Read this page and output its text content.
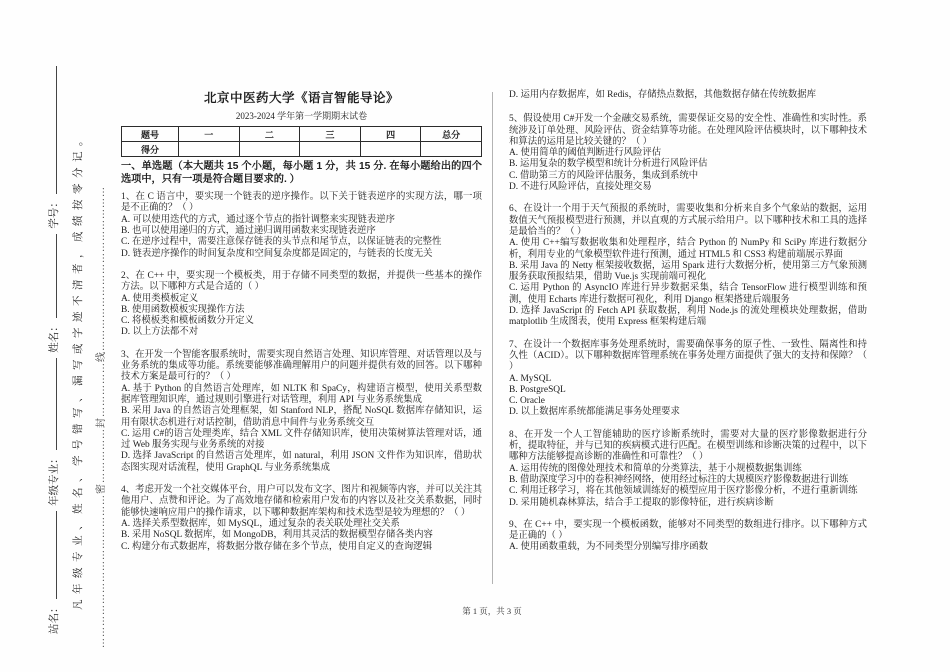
站名： 年级专业： 姓名： 学号： 凡年级专业、姓名、学号错写、漏写或字迹不清者，成绩按零分记。	……………………………………密……………封……………线………………………………………

北京中医药大学《语言智能导论》

2023-2024 学年第一学期期末试卷

题号	一	二	三	四	总分
得分					

一、单选题（本大题共 15 个小题，每小题 1 分，共 15 分. 在每小题给出的四个选项中，只有一项是符合题目要求的. ）

1、在 C 语言中，要实现一个链表的逆序操作。以下关于链表逆序的实现方法，哪一项是不正确的？（ ）

A. 可以使用迭代的方式，通过逐个节点的指针调整来实现链表逆序

B. 也可以使用递归的方式，通过递归调用函数来实现链表逆序

C. 在逆序过程中，需要注意保存链表的头节点和尾节点，以保证链表的完整性

D. 链表逆序操作的时间复杂度和空间复杂度都是固定的，与链表的长度无关

2、在 C++ 中，要实现一个模板类，用于存储不同类型的数据，并提供一些基本的操作方法。以下哪种方式是合适的（ ）

A. 使用类模板定义

B. 使用函数模板实现操作方法

C. 将模板类和模板函数分开定义

D. 以上方法都不对

3、在开发一个智能客服系统时，需要实现自然语言处理、知识库管理、对话管理以及与业务系统的集成等功能。系统要能够准确理解用户的问题并提供有效的回答。以下哪种技术方案是最可行的？（ ）

A. 基于 Python 的自然语言处理库，如 NLTK 和 SpaCy，构建语言模型，使用关系型数据库管理知识库，通过规则引擎进行对话管理，利用 API 与业务系统集成

B. 采用 Java 的自然语言处理框架，如 Stanford NLP，搭配 NoSQL 数据库存储知识，运用有限状态机进行对话控制，借助消息中间件与业务系统交互

C. 运用 C#的语言处理类库，结合 XML 文件存储知识库，使用决策树算法管理对话，通过 Web 服务实现与业务系统的对接

D. 选择 JavaScript 的自然语言处理库，如 natural，利用 JSON 文件作为知识库，借助状态图实现对话流程，使用 GraphQL 与业务系统集成

4、考虑开发一个社交媒体平台，用户可以发布文字、图片和视频等内容，并可以关注其他用户、点赞和评论。为了高效地存储和检索用户发布的内容以及社交关系数据，同时能够快速响应用户的操作请求，以下哪种数据库架构和技术选型是较为理想的？（ ）

A. 选择关系型数据库，如 MySQL，通过复杂的表关联处理社交关系

B. 采用 NoSQL 数据库，如 MongoDB，利用其灵活的数据模型存储各类内容

C. 构建分布式数据库，将数据分散存储在多个节点，使用自定义的查询逻辑

D. 运用内存数据库，如 Redis，存储热点数据，其他数据存储在传统数据库

5、假设使用 C#开发一个金融交易系统，需要保证交易的安全性、准确性和实时性。系统涉及订单处理、风险评估、资金结算等功能。在处理风险评估模块时，以下哪种技术和算法的运用是比较关键的？（ ）

A. 使用简单的阈值判断进行风险评估

B. 运用复杂的数学模型和统计分析进行风险评估

C. 借助第三方的风险评估服务，集成到系统中

D. 不进行风险评估，直接处理交易

6、在设计一个用于天气预报的系统时，需要收集和分析来自多个气象站的数据，运用数值天气预报模型进行预测，并以直观的方式展示给用户。以下哪种技术和工具的选择是最恰当的？（ ）

A. 使用 C++编写数据收集和处理程序，结合 Python 的 NumPy 和 SciPy 库进行数据分析，利用专业的气象模型软件进行预测，通过 HTML5 和 CSS3 构建前端展示界面

B. 采用 Java 的 Netty 框架接收数据，运用 Spark 进行大数据分析，使用第三方气象预测服务获取预报结果，借助 Vue.js 实现前端可视化

C. 运用 Python 的 AsyncIO 库进行异步数据采集，结合 TensorFlow 进行模型训练和预测，使用 Echarts 库进行数据可视化，利用 Django 框架搭建后端服务

D. 选择 JavaScript 的 Fetch API 获取数据，利用 Node.js 的流处理模块处理数据，借助 matplotlib 生成图表，使用 Express 框架构建后端

7、在设计一个数据库事务处理系统时，需要确保事务的原子性、一致性、隔离性和持久性（ACID）。以下哪种数据库管理系统在事务处理方面提供了强大的支持和保障？（ ）

A. MySQL

B. PostgreSQL

C. Oracle

D. 以上数据库系统都能满足事务处理要求

8、在开发一个人工智能辅助的医疗诊断系统时，需要对大量的医疗影像数据进行分析，提取特征，并与已知的疾病模式进行匹配。在模型训练和诊断决策的过程中，以下哪种方法能够提高诊断的准确性和可靠性？（ ）

A. 运用传统的图像处理技术和简单的分类算法，基于小规模数据集训练

B. 借助深度学习中的卷积神经网络，使用经过标注的大规模医疗影像数据进行训练

C. 利用迁移学习，将在其他领域训练好的模型应用于医疗影像分析，不进行重新训练

D. 采用随机森林算法，结合手工提取的影像特征，进行疾病诊断

9、在 C++ 中，要实现一个模板函数，能够对不同类型的数组进行排序。以下哪种方式是正确的（ ）

A. 使用函数重载，为不同类型分别编写排序函数

第 1 页，共 3 页
